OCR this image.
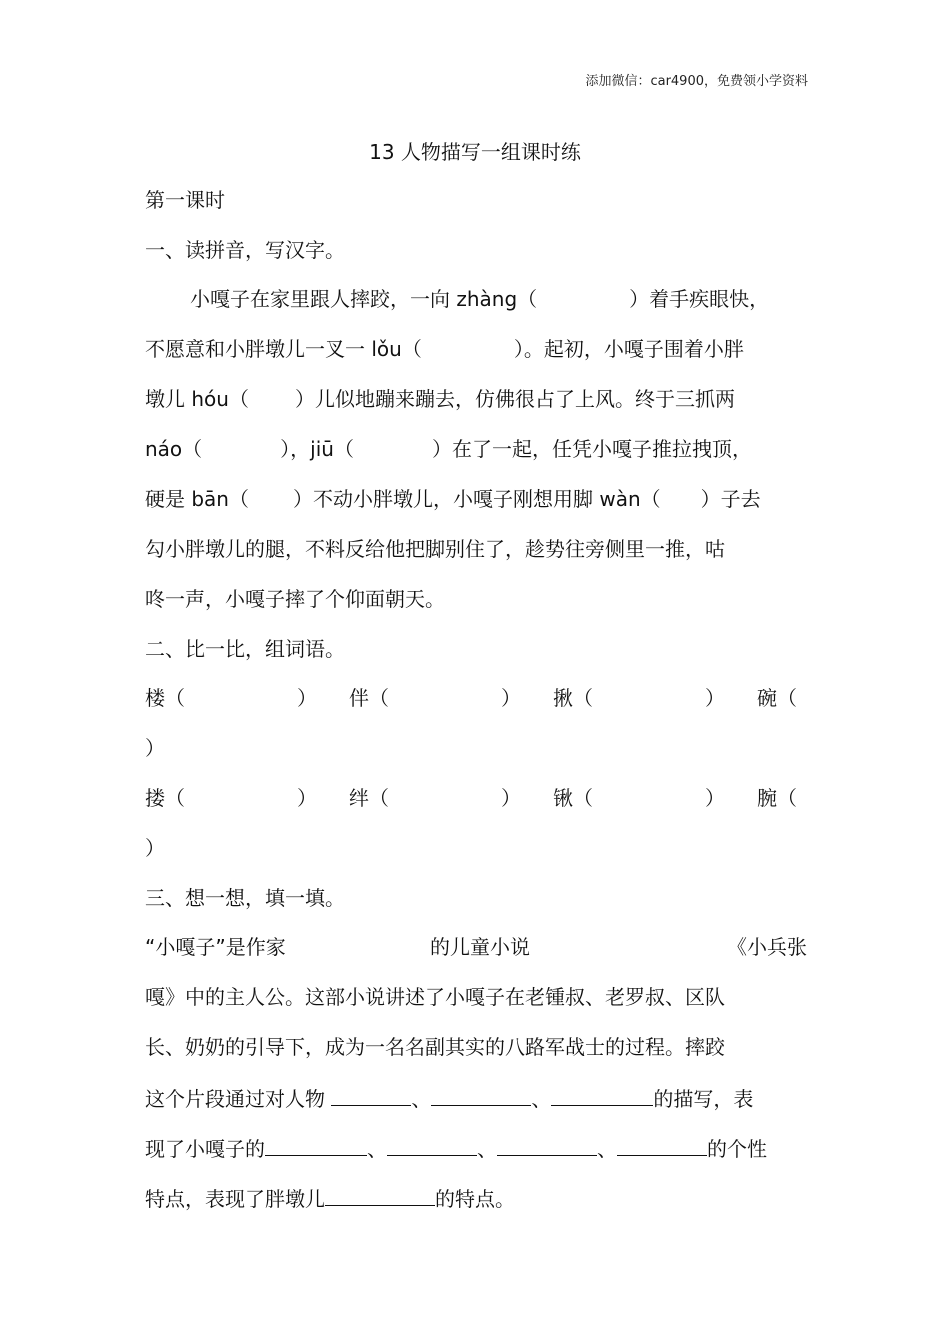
添加微信：car4900，免费领小学资料
13 人物描写一组课时练
第一课时
一、读拼音，写汉字。
小嘎子在家里跟人摔跤，一向 zhàng（	）着手疾眼快，
不愿意和小胖墩儿一叉一 lǒu（	）。起初，小嘎子围着小胖
墩儿 hóu（ ）儿似地蹦来蹦去，仿佛很占了上风。终于三抓两
náo（	），jiū（	）在了一起，任凭小嘎子推拉拽顶，
硬是 bān（ ）不动小胖墩儿，小嘎子刚想用脚 wàn（ ）子去
勾小胖墩儿的腿，不料反给他把脚别住了，趁势往旁侧里一推，咕
咚一声，小嘎子摔了个仰面朝天。
二、比一比，组词语。
楼（	） 伴（	） 揪（	） 碗（
）
搂（	） 绊（	） 锹（	） 腕（
）
三、想一想，填一填。
“小嘎子”是作家	的儿童小说	《小兵张
嘎》中的主人公。这部小说讲述了小嘎子在老锺叔、老罗叔、区队
长、奶奶的引导下，成为一名名副其实的八路军战士的过程。摔跤
这个片段通过对人物	、	、	的描写，表
现了小嘎子的	、	、	、	的个性
特点，表现了胖墩儿	的特点。
